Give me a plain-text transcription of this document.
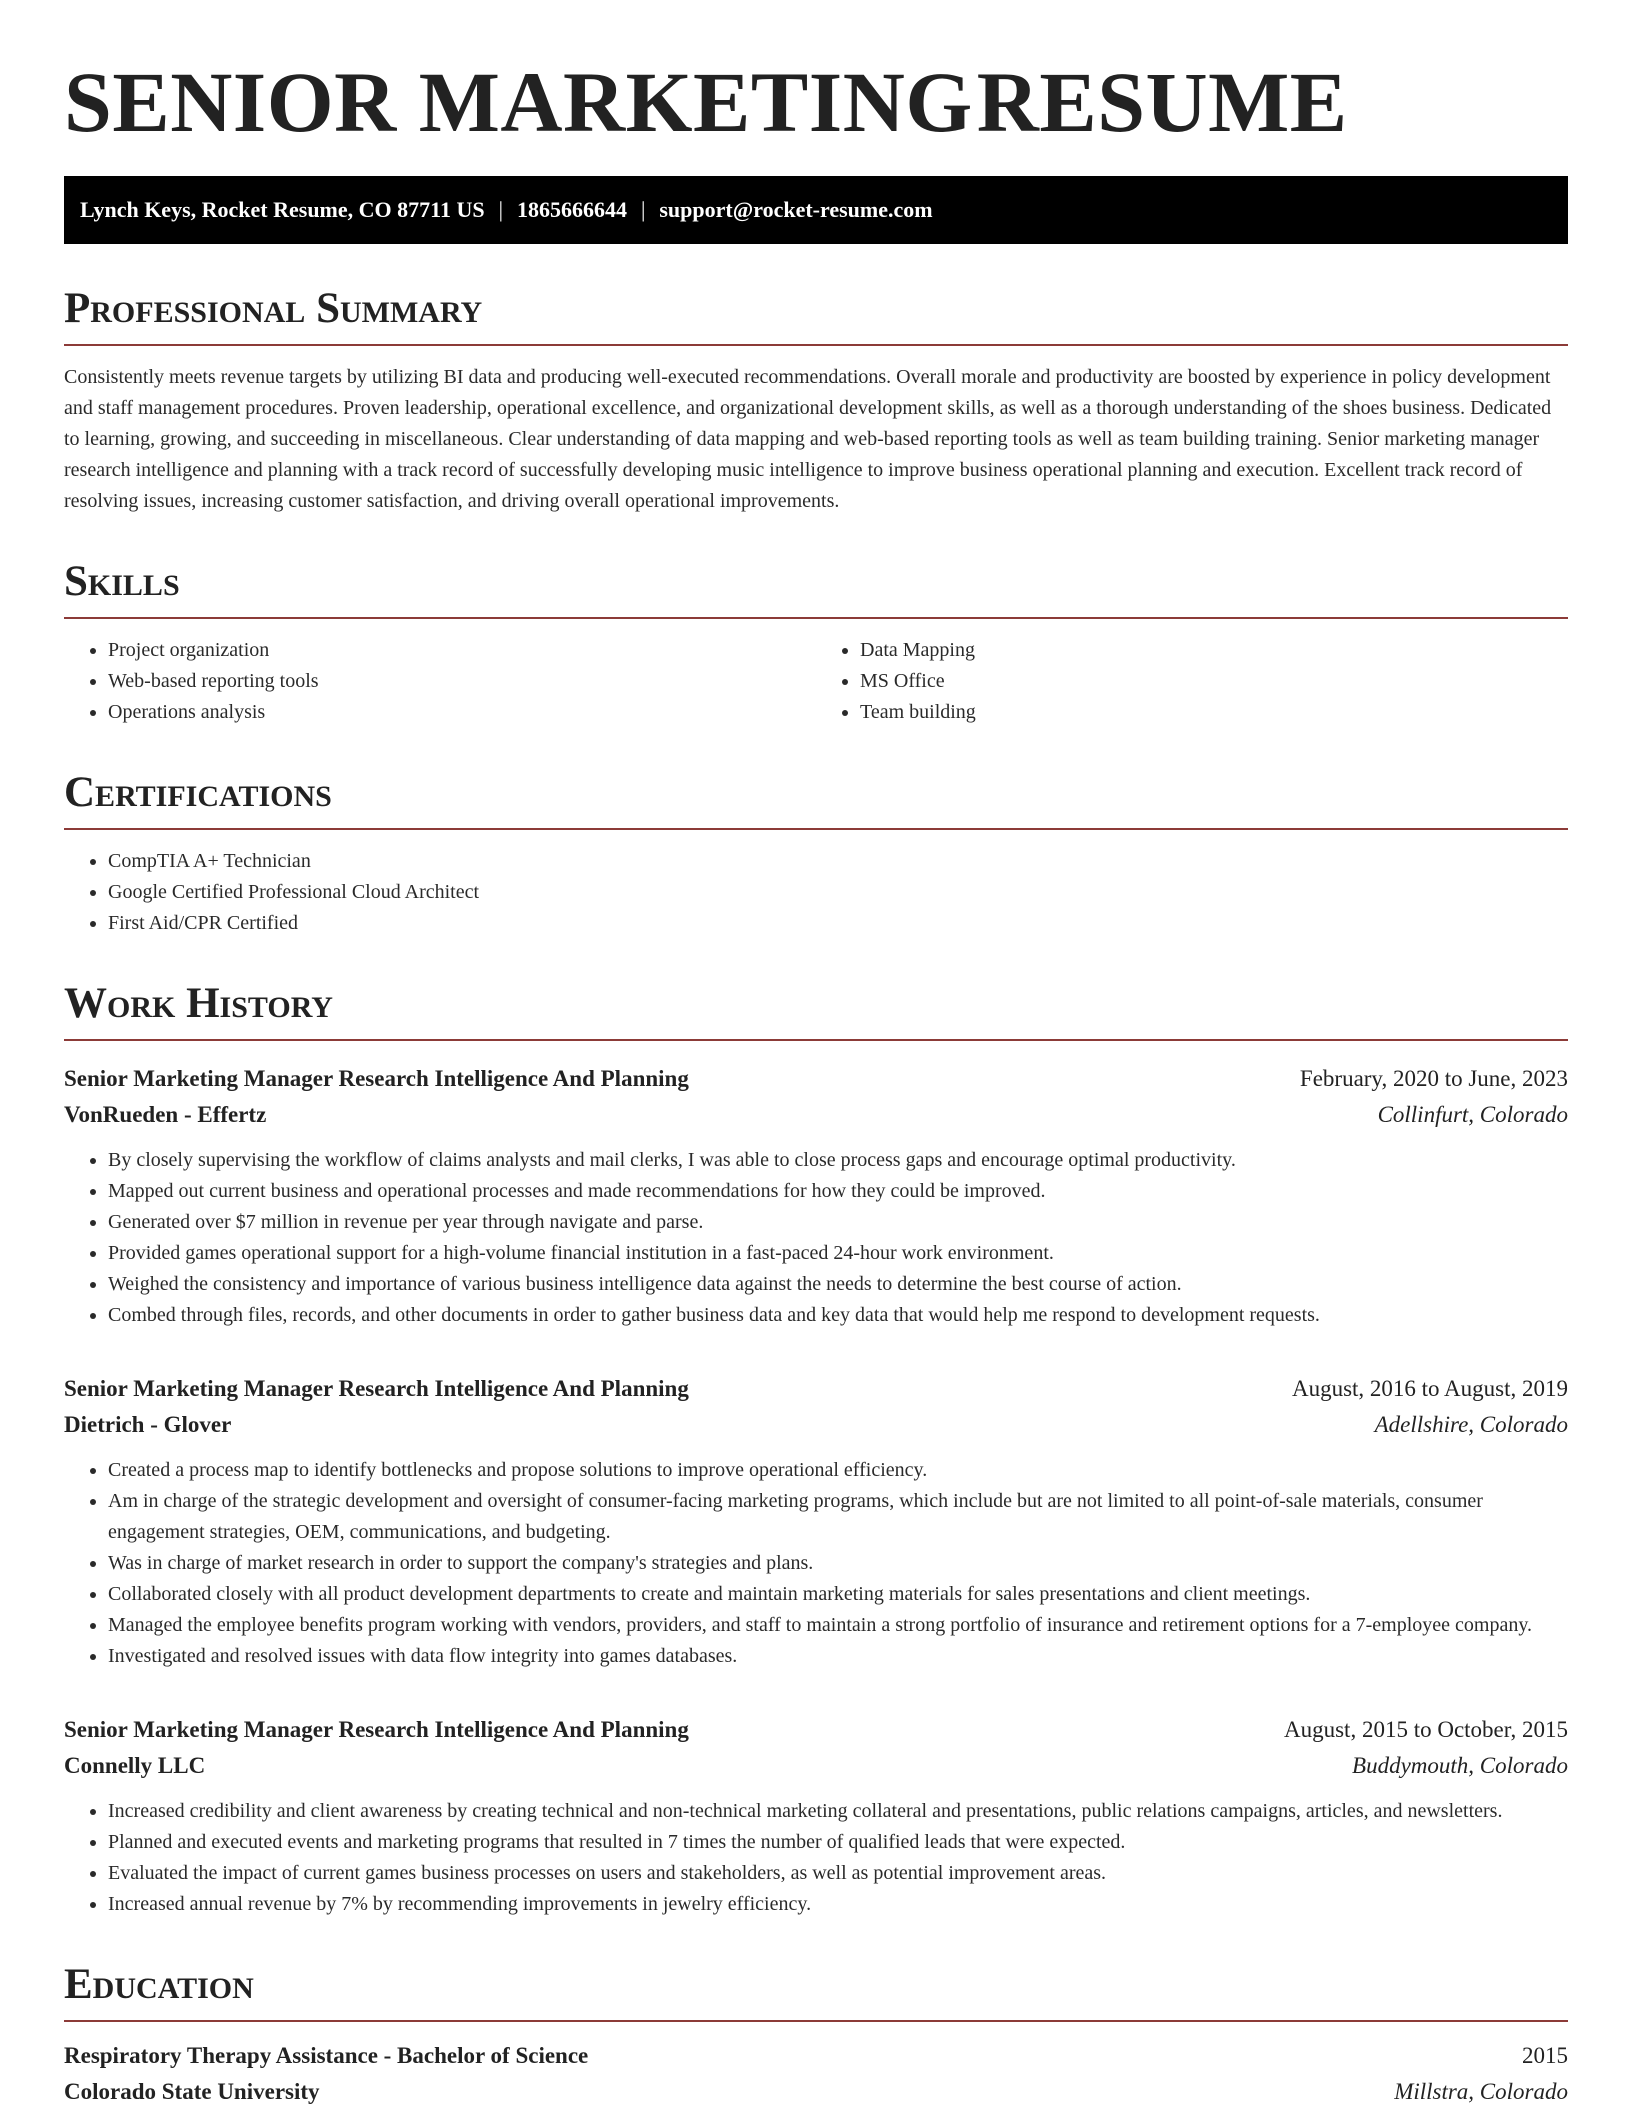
SENIOR MARKETING RESUME
Lynch Keys, Rocket Resume, CO 87711 US | 1865666644 | support@rocket-resume.com
Professional Summary
Consistently meets revenue targets by utilizing BI data and producing well-executed recommendations. Overall morale and productivity are boosted by experience in policy development and staff management procedures. Proven leadership, operational excellence, and organizational development skills, as well as a thorough understanding of the shoes business. Dedicated to learning, growing, and succeeding in miscellaneous. Clear understanding of data mapping and web-based reporting tools as well as team building training. Senior marketing manager research intelligence and planning with a track record of successfully developing music intelligence to improve business operational planning and execution. Excellent track record of resolving issues, increasing customer satisfaction, and driving overall operational improvements.
Skills
• Project organization
• Web-based reporting tools
• Operations analysis
• Data Mapping
• MS Office
• Team building
Certifications
• CompTIA A+ Technician
• Google Certified Professional Cloud Architect
• First Aid/CPR Certified
Work History
Senior Marketing Manager Research Intelligence And Planning	February, 2020 to June, 2023
VonRueden - Effertz	Collinfurt, Colorado
• By closely supervising the workflow of claims analysts and mail clerks, I was able to close process gaps and encourage optimal productivity.
• Mapped out current business and operational processes and made recommendations for how they could be improved.
• Generated over $7 million in revenue per year through navigate and parse.
• Provided games operational support for a high-volume financial institution in a fast-paced 24-hour work environment.
• Weighed the consistency and importance of various business intelligence data against the needs to determine the best course of action.
• Combed through files, records, and other documents in order to gather business data and key data that would help me respond to development requests.
Senior Marketing Manager Research Intelligence And Planning	August, 2016 to August, 2019
Dietrich - Glover	Adellshire, Colorado
• Created a process map to identify bottlenecks and propose solutions to improve operational efficiency.
• Am in charge of the strategic development and oversight of consumer-facing marketing programs, which include but are not limited to all point-of-sale materials, consumer engagement strategies, OEM, communications, and budgeting.
• Was in charge of market research in order to support the company's strategies and plans.
• Collaborated closely with all product development departments to create and maintain marketing materials for sales presentations and client meetings.
• Managed the employee benefits program working with vendors, providers, and staff to maintain a strong portfolio of insurance and retirement options for a 7-employee company.
• Investigated and resolved issues with data flow integrity into games databases.
Senior Marketing Manager Research Intelligence And Planning	August, 2015 to October, 2015
Connelly LLC	Buddymouth, Colorado
• Increased credibility and client awareness by creating technical and non-technical marketing collateral and presentations, public relations campaigns, articles, and newsletters.
• Planned and executed events and marketing programs that resulted in 7 times the number of qualified leads that were expected.
• Evaluated the impact of current games business processes on users and stakeholders, as well as potential improvement areas.
• Increased annual revenue by 7% by recommending improvements in jewelry efficiency.
Education
Respiratory Therapy Assistance - Bachelor of Science	2015
Colorado State University	Millstra, Colorado
